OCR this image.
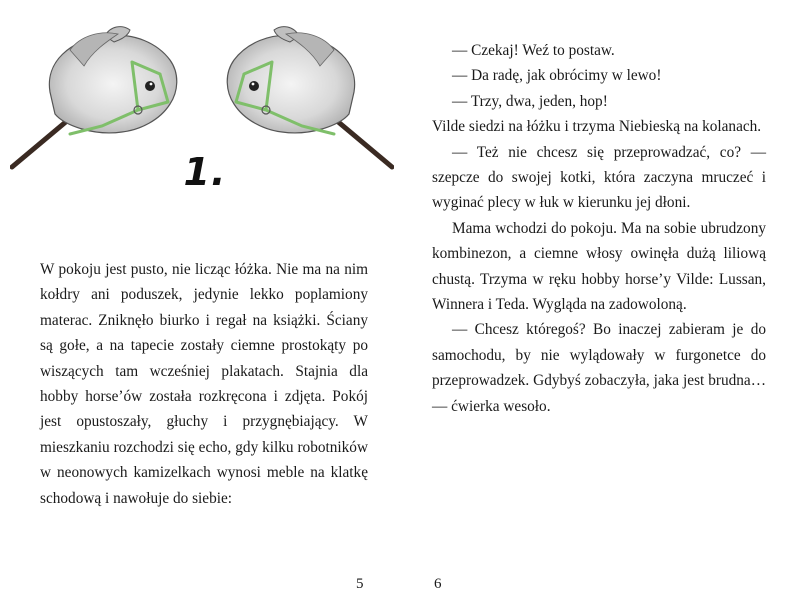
1.

W pokoju jest pusto, nie licząc łóżka. Nie ma na nim kołdry ani poduszek, jedynie lekko poplamiony materac. Zniknęło biurko i regał na książki. Ściany są gołe, a na tapecie zostały ciemne prostokąty po wiszących tam wcześniej plakatach. Stajnia dla hobby horse’ów została rozkręcona i zdjęta. Pokój jest opustoszały, głuchy i przygnębiający. W mieszkaniu rozchodzi się echo, gdy kilku robotników w neonowych kamizelkach wynosi meble na klatkę schodową i nawołuje do siebie:

5

— Czekaj! Weź to postaw.

— Da radę, jak obrócimy w lewo!

— Trzy, dwa, jeden, hop!

Vilde siedzi na łóżku i trzyma Niebieską na kolanach.

— Też nie chcesz się przeprowadzać, co? — szepcze do swojej kotki, która zaczyna mruczeć i wyginać plecy w łuk w kierunku jej dłoni.

Mama wchodzi do pokoju. Ma na sobie ubrudzony kombinezon, a ciemne włosy owinęła dużą liliową chustą. Trzyma w ręku hobby horse’y Vilde: Lussan, Winnera i Teda. Wygląda na zadowoloną.

— Chcesz któregoś? Bo inaczej zabieram je do samochodu, by nie wylądowały w furgonetce do przeprowadzek. Gdybyś zobaczyła, jaka jest brudna… — ćwierka wesoło.

6
